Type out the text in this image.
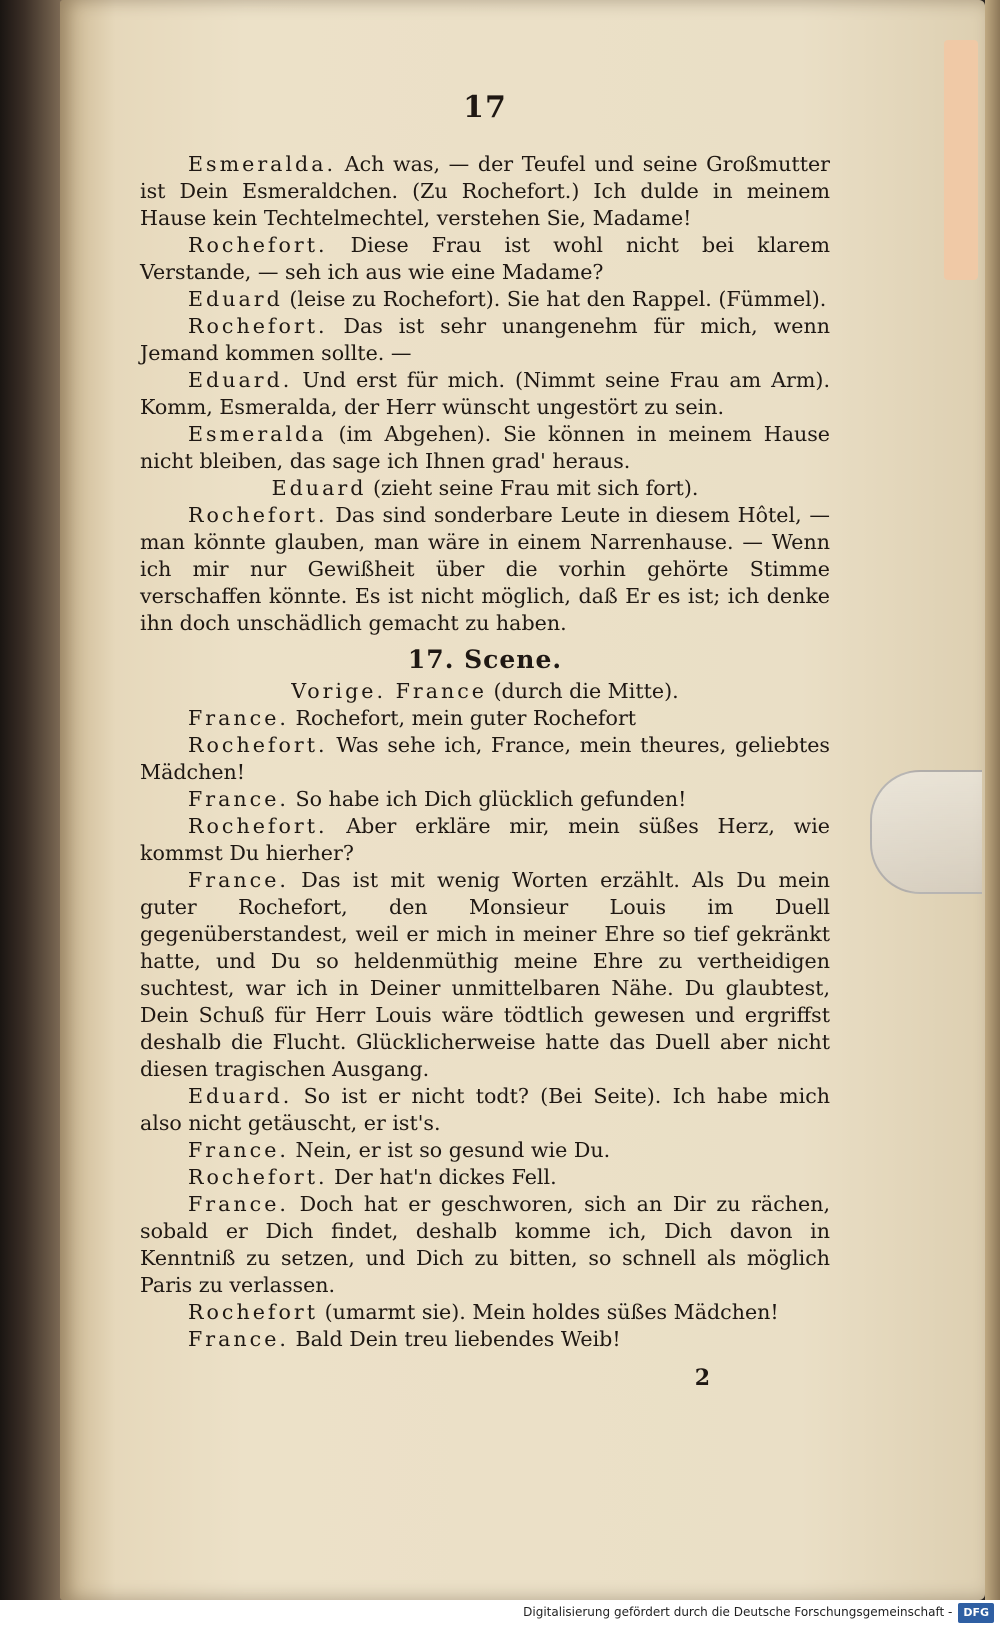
17

Esmeralda. Ach was, — der Teufel und seine Großmutter ist Dein Esmeraldchen. (Zu Rochefort.) Ich dulde in meinem Hause kein Techtelmechtel, verstehen Sie, Madame!

Rochefort. Diese Frau ist wohl nicht bei klarem Verstande, — seh ich aus wie eine Madame?

Eduard (leise zu Rochefort). Sie hat den Rappel. (Fümmel).

Rochefort. Das ist sehr unangenehm für mich, wenn Jemand kommen sollte. —

Eduard. Und erst für mich. (Nimmt seine Frau am Arm). Komm, Esmeralda, der Herr wünscht ungestört zu sein.

Esmeralda (im Abgehen). Sie können in meinem Hause nicht bleiben, das sage ich Ihnen grad' heraus.

Eduard (zieht seine Frau mit sich fort).

Rochefort. Das sind sonderbare Leute in diesem Hôtel, — man könnte glauben, man wäre in einem Narrenhause. — Wenn ich mir nur Gewißheit über die vorhin gehörte Stimme verschaffen könnte. Es ist nicht möglich, daß Er es ist; ich denke ihn doch unschädlich gemacht zu haben.

17. Scene.

Vorige. France (durch die Mitte).

France. Rochefort, mein guter Rochefort

Rochefort. Was sehe ich, France, mein theures, geliebtes Mädchen!

France. So habe ich Dich glücklich gefunden!

Rochefort. Aber erkläre mir, mein süßes Herz, wie kommst Du hierher?

France. Das ist mit wenig Worten erzählt. Als Du mein guter Rochefort, den Monsieur Louis im Duell gegenüberstandest, weil er mich in meiner Ehre so tief gekränkt hatte, und Du so heldenmüthig meine Ehre zu vertheidigen suchtest, war ich in Deiner unmittelbaren Nähe. Du glaubtest, Dein Schuß für Herr Louis wäre tödtlich gewesen und ergriffst deshalb die Flucht. Glücklicherweise hatte das Duell aber nicht diesen tragischen Ausgang.

Eduard. So ist er nicht todt? (Bei Seite). Ich habe mich also nicht getäuscht, er ist's.

France. Nein, er ist so gesund wie Du.

Rochefort. Der hat'n dickes Fell.

France. Doch hat er geschworen, sich an Dir zu rächen, sobald er Dich findet, deshalb komme ich, Dich davon in Kenntniß zu setzen, und Dich zu bitten, so schnell als möglich Paris zu verlassen.

Rochefort (umarmt sie). Mein holdes süßes Mädchen!

France. Bald Dein treu liebendes Weib!

2
Digitalisierung gefördert durch die Deutsche Forschungsgemeinschaft - DFG
